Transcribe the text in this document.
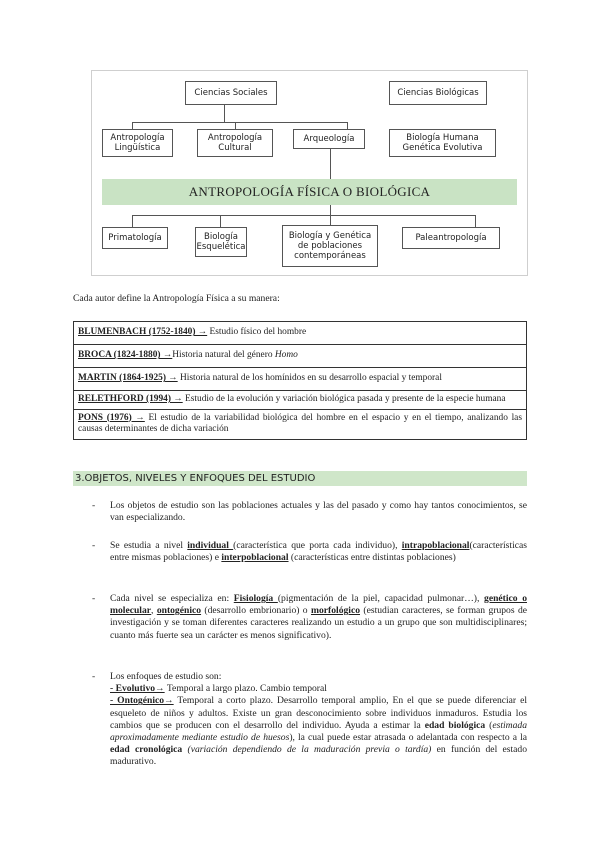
Ciencias Sociales	Ciencias Biológicas
Antropología Lingüística
Antropología Cultural
Arqueología	Biología Humana Genética Evolutiva
ANTROPOLOGÍA FÍSICA O BIOLÓGICA
Primatología	Biología Esquelética
Biología y Genética de poblaciones contemporáneas
Paleantropología
Cada autor define la Antropología Física a su manera:
BLUMENBACH (1752-1840) → Estudio físico del hombre
BROCA (1824-1880) →Historia natural del género Homo
MARTIN (1864-1925) → Historia natural de los homínidos en su desarrollo espacial y temporal
RELETHFORD (1994) → Estudio de la evolución y variación biológica pasada y presente de la especie humana
PONS (1976) → El estudio de la variabilidad biológica del hombre en el espacio y en el tiempo, analizando las causas determinantes de dicha variación
3.OBJETOS, NIVELES Y ENFOQUES DEL ESTUDIO
-	Los objetos de estudio son las poblaciones actuales y las del pasado y como hay tantos conocimientos, se van especializando.
-	Se estudia a nivel individual (característica que porta cada individuo), intrapoblacional(características entre mismas poblaciones) e interpoblacional (características entre distintas poblaciones)
-	Cada nivel se especializa en: Fisiología (pigmentación de la piel, capacidad pulmonar…), genético o molecular, ontogénico (desarrollo embrionario) o morfológico (estudian caracteres, se forman grupos de investigación y se toman diferentes caracteres realizando un estudio a un grupo que son multidisciplinares; cuanto más fuerte sea un carácter es menos significativo).
-	Los enfoques de estudio son:
- Evolutivo→ Temporal a largo plazo. Cambio temporal
- Ontogénico→ Temporal a corto plazo. Desarrollo temporal amplio, En el que se puede diferenciar el esqueleto de niños y adultos. Existe un gran desconocimiento sobre individuos inmaduros. Estudia los cambios que se producen con el desarrollo del individuo. Ayuda a estimar la edad biológica (estimada aproximadamente mediante estudio de huesos), la cual puede estar atrasada o adelantada con respecto a la edad cronológica (variación dependiendo de la maduración previa o tardía) en función del estado madurativo.
